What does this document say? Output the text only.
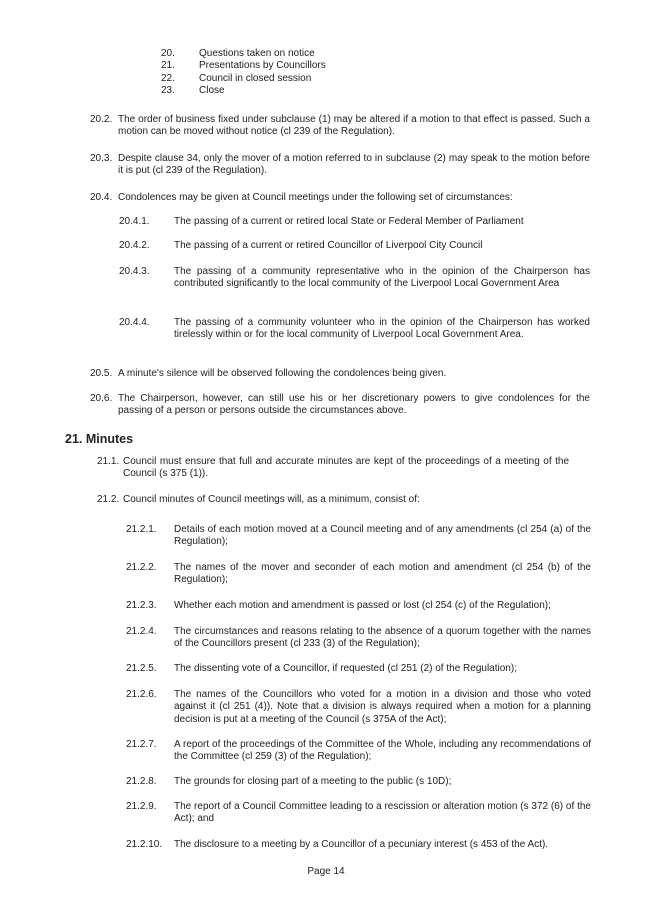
20.	Questions taken on notice
21.	Presentations by Councillors
22.	Council in closed session
23.	Close
20.2. The order of business fixed under subclause (1) may be altered if a motion to that effect is passed. Such a motion can be moved without notice (cl 239 of the Regulation).
20.3. Despite clause 34, only the mover of a motion referred to in subclause (2) may speak to the motion before it is put (cl 239 of the Regulation).
20.4. Condolences may be given at Council meetings under the following set of circumstances:
20.4.1.	The passing of a current or retired local State or Federal Member of Parliament
20.4.2.	The passing of a current or retired Councillor of Liverpool City Council
20.4.3.	The passing of a community representative who in the opinion of the Chairperson has contributed significantly to the local community of the Liverpool Local Government Area
20.4.4.	The passing of a community volunteer who in the opinion of the Chairperson has worked tirelessly within or for the local community of Liverpool Local Government Area.
20.5. A minute's silence will be observed following the condolences being given.
20.6. The Chairperson, however, can still use his or her discretionary powers to give condolences for the passing of a person or persons outside the circumstances above.
21. Minutes
21.1. Council must ensure that full and accurate minutes are kept of the proceedings of a meeting of the Council (s 375 (1)).
21.2. Council minutes of Council meetings will, as a minimum, consist of:
21.2.1.	Details of each motion moved at a Council meeting and of any amendments (cl 254 (a) of the Regulation);
21.2.2.	The names of the mover and seconder of each motion and amendment (cl 254 (b) of the Regulation);
21.2.3.	Whether each motion and amendment is passed or lost (cl 254 (c) of the Regulation);
21.2.4.	The circumstances and reasons relating to the absence of a quorum together with the names of the Councillors present (cl 233 (3) of the Regulation);
21.2.5.	The dissenting vote of a Councillor, if requested (cl 251 (2) of the Regulation);
21.2.6.	The names of the Councillors who voted for a motion in a division and those who voted against it (cl 251 (4)). Note that a division is always required when a motion for a planning decision is put at a meeting of the Council (s 375A of the Act);
21.2.7.	A report of the proceedings of the Committee of the Whole, including any recommendations of the Committee (cl 259 (3) of the Regulation);
21.2.8.	The grounds for closing part of a meeting to the public (s 10D);
21.2.9.	The report of a Council Committee leading to a rescission or alteration motion (s 372 (6) of the Act); and
21.2.10.	The disclosure to a meeting by a Councillor of a pecuniary interest (s 453 of the Act).
Page 14
